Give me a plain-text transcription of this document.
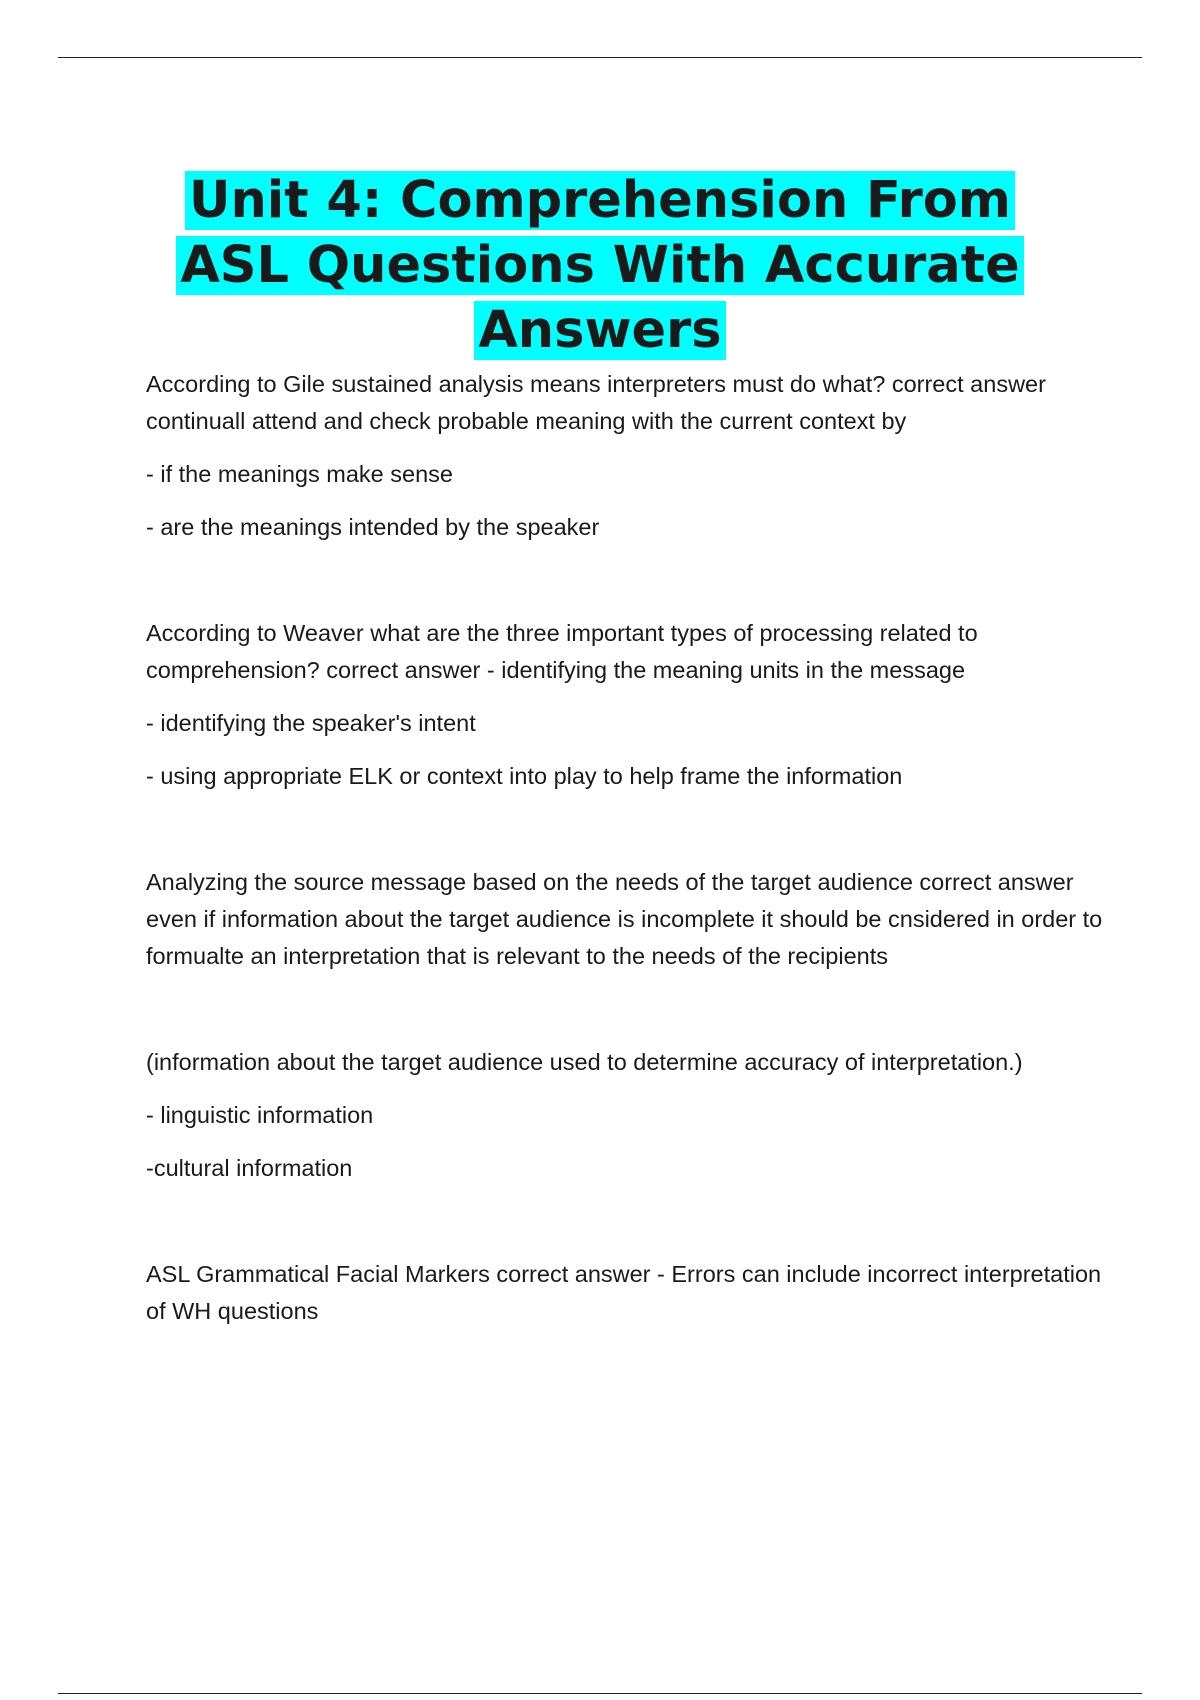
Unit 4: Comprehension From
ASL Questions With Accurate
Answers

According to Gile sustained analysis means interpreters must do what? correct answer continuall attend and check probable meaning with the current context by

- if the meanings make sense

- are the meanings intended by the speaker

According to Weaver what are the three important types of processing related to comprehension? correct answer - identifying the meaning units in the message

- identifying the speaker's intent

- using appropriate ELK or context into play to help frame the information

Analyzing the source message based on the needs of the target audience correct answer even if information about the target audience is incomplete it should be cnsidered in order to formualte an interpretation that is relevant to the needs of the recipients

(information about the target audience used to determine accuracy of interpretation.)

- linguistic information

-cultural information

ASL Grammatical Facial Markers correct answer - Errors can include incorrect interpretation of WH questions
